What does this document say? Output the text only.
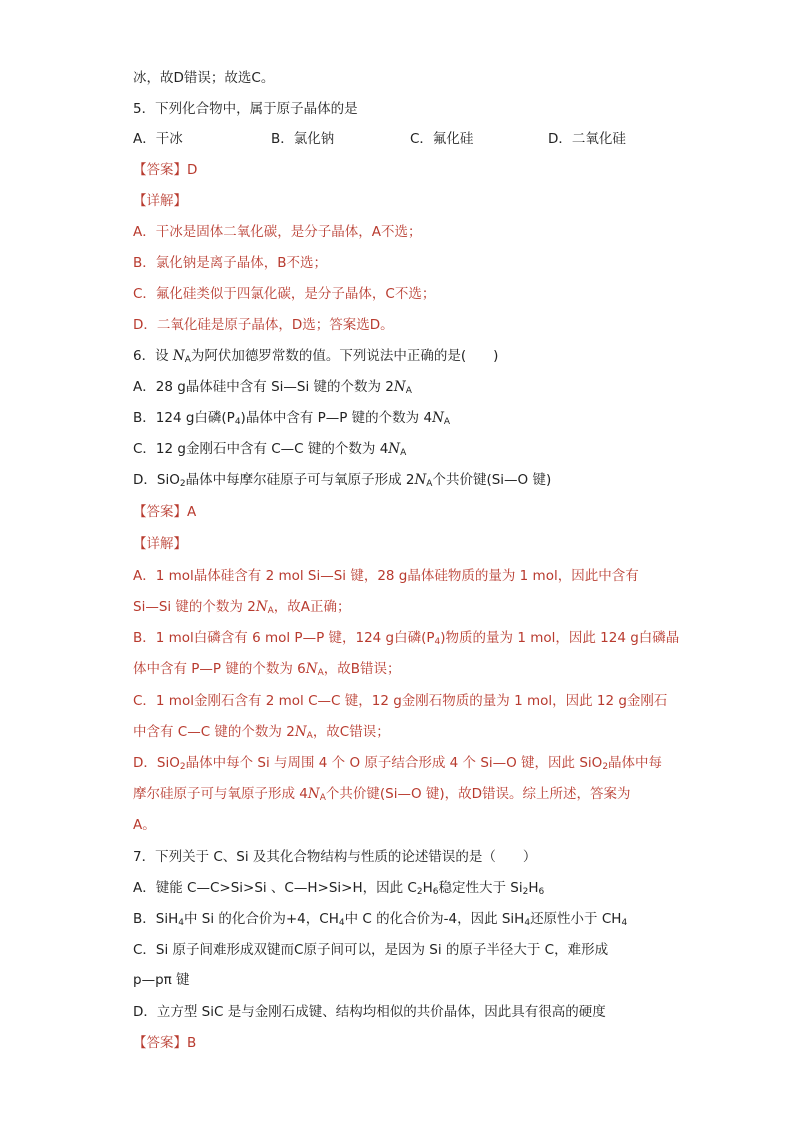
冰，故D错误；故选C。
5．下列化合物中，属于原子晶体的是
A．干冰	B．氯化钠	C．氟化硅	D．二氧化硅
【答案】D
【详解】
A．干冰是固体二氧化碳，是分子晶体，A不选；
B．氯化钠是离子晶体，B不选；
C．氟化硅类似于四氯化碳，是分子晶体，C不选；
D．二氧化硅是原子晶体，D选；答案选D。
6．设 $N_A$为阿伏加德罗常数的值。下列说法中正确的是(　　)
A．28 g晶体硅中含有 Si—Si 键的个数为 $2N_A$
B．124 g白磷$(P_4)$晶体中含有 P—P 键的个数为 $4N_A$
C．12 g金刚石中含有 C—C 键的个数为 $4N_A$
D．SiO$_2$晶体中每摩尔硅原子可与氧原子形成 $2N_A$个共价键(Si—O 键)
【答案】A
【详解】
A．1 mol晶体硅含有 2 mol Si—Si 键，28 g晶体硅物质的量为 1 mol，因此中含有
Si—Si 键的个数为 $2N_A$，故A正确；
B．1 mol白磷含有 6 mol P—P 键，124 g白磷$(P_4)$物质的量为 1 mol，因此 124 g白磷晶
体中含有 P—P 键的个数为 $6N_A$，故B错误；
C．1 mol金刚石含有 2 mol C—C 键，12 g金刚石物质的量为 1 mol，因此 12 g金刚石
中含有 C—C 键的个数为 $2N_A$，故C错误；
D．SiO$_2$晶体中每个 Si 与周围 4 个 O 原子结合形成 4 个 Si—O 键，因此 SiO$_2$晶体中每
摩尔硅原子可与氧原子形成 $4N_A$个共价键(Si—O 键)，故D错误。综上所述，答案为
A。
7．下列关于 C、Si 及其化合物结构与性质的论述错误的是（　　）
A．键能 C—C>Si>Si 、C—H>Si>H，因此 $C_2H_6$稳定性大于 $Si_2H_6$
B．SiH$_4$中 Si 的化合价为+4，$CH_4$中 C 的化合价为-4，因此 SiH$_4$还原性小于 $CH_4$
C．Si 原子间难形成双键而C原子间可以，是因为 Si 的原子半径大于 C，难形成
p—pπ 键
D．立方型 SiC 是与金刚石成键、结构均相似的共价晶体，因此具有很高的硬度
【答案】B
